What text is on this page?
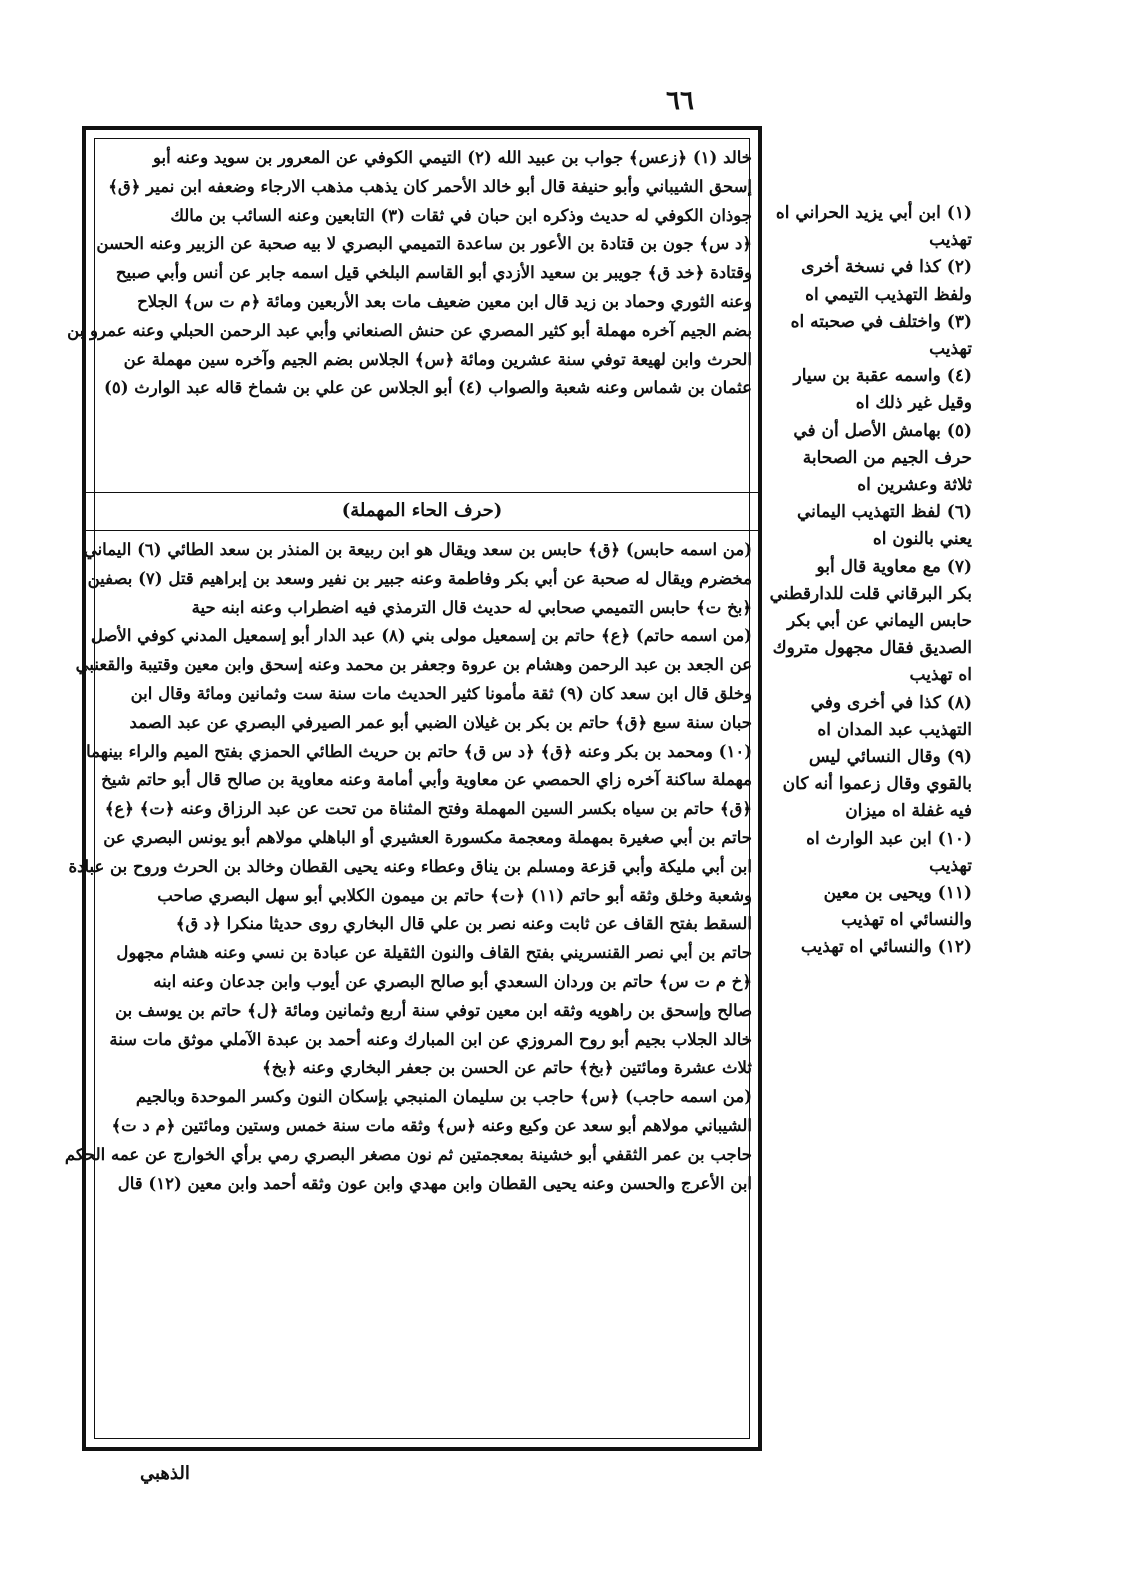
٦٦

خالد (١) ﴿زعس﴾ جواب بن عبيد الله (٢) التيمي الكوفي عن المعرور بن سويد وعنه أبو

إسحق الشيباني وأبو حنيفة قال أبو خالد الأحمر كان يذهب مذهب الارجاء وضعفه ابن نمير ﴿ق﴾

جوذان الكوفي له حديث وذكره ابن حبان في ثقات (٣) التابعين وعنه السائب بن مالك

﴿د س﴾ جون بن قتادة بن الأعور بن ساعدة التميمي البصري لا بيه صحبة عن الزبير وعنه الحسن

وقتادة ﴿خد ق﴾ جويبر بن سعيد الأزدي أبو القاسم البلخي قيل اسمه جابر عن أنس وأبي صبيح

وعنه الثوري وحماد بن زيد قال ابن معين ضعيف مات بعد الأربعين ومائة ﴿م ت س﴾ الجلاح

بضم الجيم آخره مهملة أبو كثير المصري عن حنش الصنعاني وأبي عبد الرحمن الحبلي وعنه عمرو بن

الحرث وابن لهيعة توفي سنة عشرين ومائة ﴿س﴾ الجلاس بضم الجيم وآخره سين مهملة عن

عثمان بن شماس وعنه شعبة والصواب (٤) أبو الجلاس عن علي بن شماخ قاله عبد الوارث (٥)

(حرف الحاء المهملة)

(من اسمه حابس) ﴿ق﴾ حابس بن سعد ويقال هو ابن ربيعة بن المنذر بن سعد الطائي (٦) اليماني

مخضرم ويقال له صحبة عن أبي بكر وفاطمة وعنه جبير بن نفير وسعد بن إبراهيم قتل (٧) بصفين

﴿بخ ت﴾ حابس التميمي صحابي له حديث قال الترمذي فيه اضطراب وعنه ابنه حية

(من اسمه حاتم) ﴿ع﴾ حاتم بن إسمعيل مولى بني (٨) عبد الدار أبو إسمعيل المدني كوفي الأصل

عن الجعد بن عبد الرحمن وهشام بن عروة وجعفر بن محمد وعنه إسحق وابن معين وقتيبة والقعنبي

وخلق قال ابن سعد كان (٩) ثقة مأمونا كثير الحديث مات سنة ست وثمانين ومائة وقال ابن

حبان سنة سبع ﴿ق﴾ حاتم بن بكر بن غيلان الضبي أبو عمر الصيرفي البصري عن عبد الصمد

(١٠) ومحمد بن بكر وعنه ﴿ق﴾ ﴿د س ق﴾ حاتم بن حريث الطائي الحمزي بفتح الميم والراء بينهما

مهملة ساكنة آخره زاي الحمصي عن معاوية وأبي أمامة وعنه معاوية بن صالح قال أبو حاتم شيخ

﴿ق﴾ حاتم بن سياه بكسر السين المهملة وفتح المثناة من تحت عن عبد الرزاق وعنه ﴿ت﴾ ﴿ع﴾

حاتم بن أبي صغيرة بمهملة ومعجمة مكسورة العشيري أو الباهلي مولاهم أبو يونس البصري عن

ابن أبي مليكة وأبي قزعة ومسلم بن يناق وعطاء وعنه يحيى القطان وخالد بن الحرث وروح بن عبادة

وشعبة وخلق وثقه أبو حاتم (١١) ﴿ت﴾ حاتم بن ميمون الكلابي أبو سهل البصري صاحب

السقط بفتح القاف عن ثابت وعنه نصر بن علي قال البخاري روى حديثا منكرا ﴿د ق﴾

حاتم بن أبي نصر القنسريني بفتح القاف والنون الثقيلة عن عبادة بن نسي وعنه هشام مجهول

﴿خ م ت س﴾ حاتم بن وردان السعدي أبو صالح البصري عن أيوب وابن جدعان وعنه ابنه

صالح وإسحق بن راهويه وثقه ابن معين توفي سنة أربع وثمانين ومائة ﴿ل﴾ حاتم بن يوسف بن

خالد الجلاب بجيم أبو روح المروزي عن ابن المبارك وعنه أحمد بن عبدة الآملي موثق مات سنة

ثلاث عشرة ومائتين ﴿بخ﴾ حاتم عن الحسن بن جعفر البخاري وعنه ﴿بخ﴾

(من اسمه حاجب) ﴿س﴾ حاجب بن سليمان المنبجي بإسكان النون وكسر الموحدة وبالجيم

الشيباني مولاهم أبو سعد عن وكيع وعنه ﴿س﴾ وثقه مات سنة خمس وستين ومائتين ﴿م د ت﴾

حاجب بن عمر الثقفي أبو خشينة بمعجمتين ثم نون مصغر البصري رمي برأي الخوارج عن عمه الحكم

ابن الأعرج والحسن وعنه يحيى القطان وابن مهدي وابن عون وثقه أحمد وابن معين (١٢) قال

(١) ابن أبي يزيد الحراني اه

تهذيب

(٢) كذا في نسخة أخرى

ولفظ التهذيب التيمي اه

(٣) واختلف في صحبته اه

تهذيب

(٤) واسمه عقبة بن سيار

وقيل غير ذلك اه

(٥) بهامش الأصل أن في

حرف الجيم من الصحابة

ثلاثة وعشرين اه

(٦) لفظ التهذيب اليماني

يعني بالنون اه

(٧) مع معاوية قال أبو

بكر البرقاني قلت للدارقطني

حابس اليماني عن أبي بكر

الصديق فقال مجهول متروك

اه تهذيب

(٨) كذا في أخرى وفي

التهذيب عبد المدان اه

(٩) وقال النسائي ليس

بالقوي وقال زعموا أنه كان

فيه غفلة اه ميزان

(١٠) ابن عبد الوارث اه

تهذيب

(١١) ويحيى بن معين

والنسائي اه تهذيب

(١٢) والنسائي اه تهذيب

الذهبي
